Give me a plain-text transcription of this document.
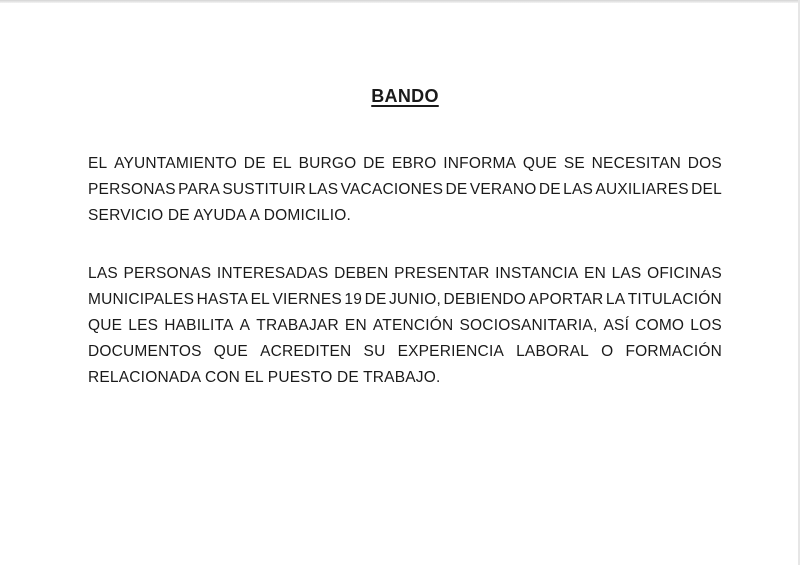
BANDO
EL AYUNTAMIENTO DE EL BURGO DE EBRO INFORMA QUE SE NECESITAN DOS
PERSONAS PARA SUSTITUIR LAS VACACIONES DE VERANO DE LAS AUXILIARES DEL
SERVICIO DE AYUDA A DOMICILIO.
LAS PERSONAS INTERESADAS DEBEN PRESENTAR INSTANCIA EN LAS OFICINAS
MUNICIPALES HASTA EL VIERNES 19 DE JUNIO, DEBIENDO APORTAR LA TITULACIÓN
QUE LES HABILITA A TRABAJAR EN ATENCIÓN SOCIOSANITARIA, ASÍ COMO LOS
DOCUMENTOS QUE ACREDITEN SU EXPERIENCIA LABORAL O FORMACIÓN
RELACIONADA CON EL PUESTO DE TRABAJO.
